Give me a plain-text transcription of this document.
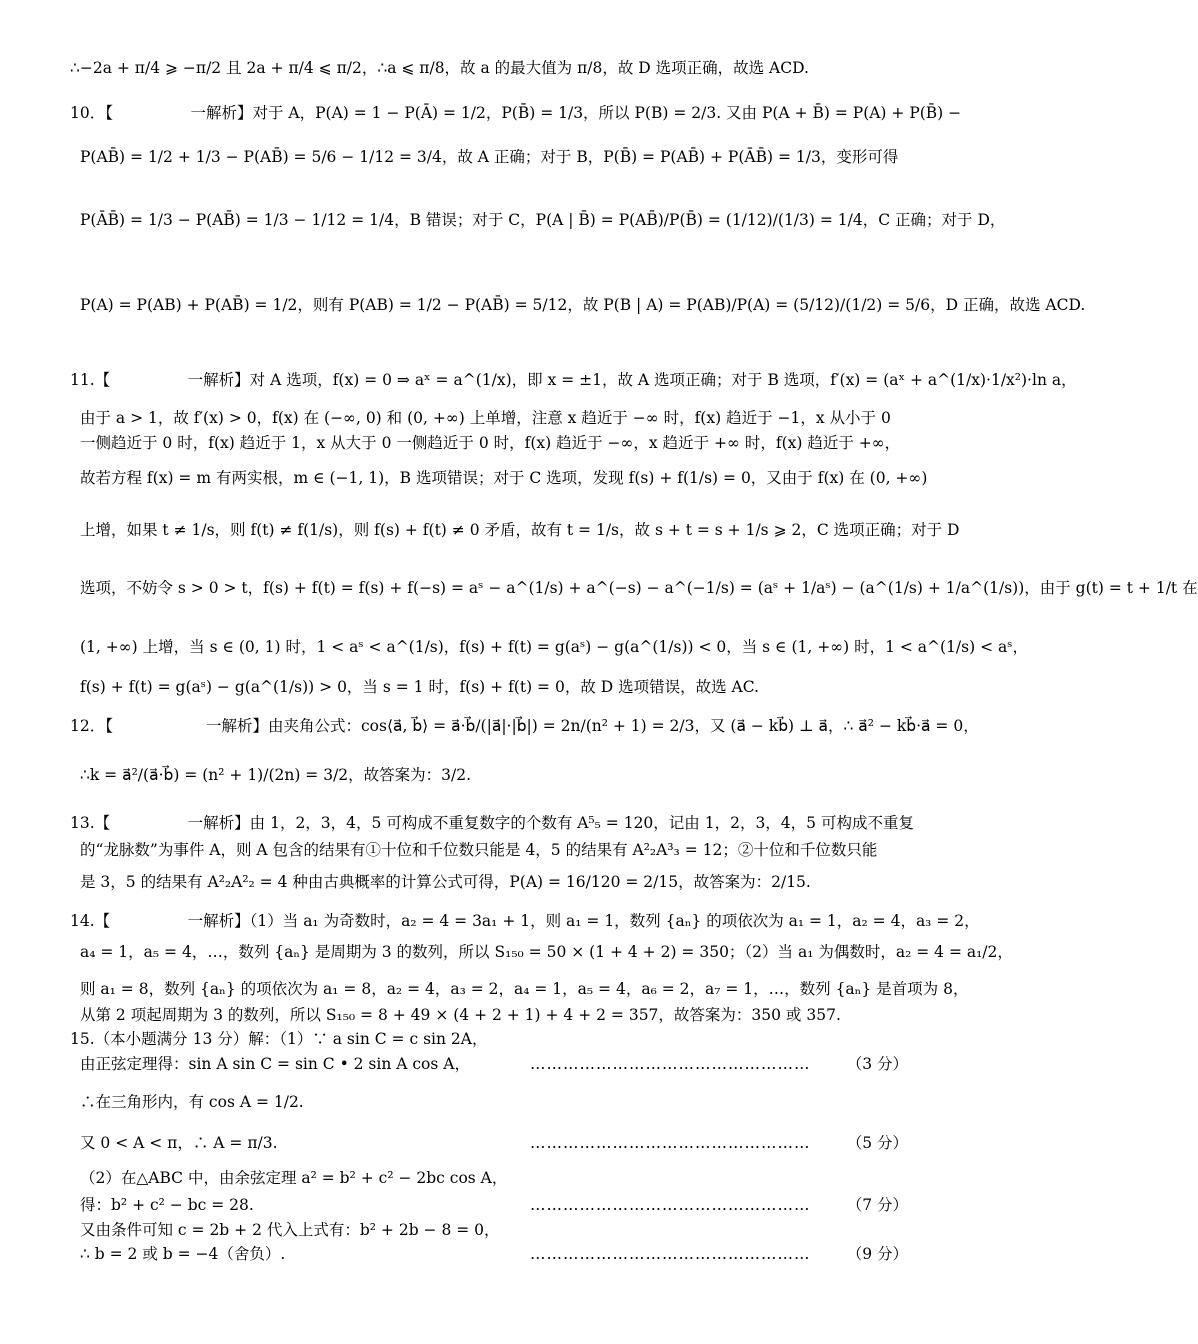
∴−2a + π/4 ⩾ −π/2 且 2a + π/4 ⩽ π/2，∴a ⩽ π/8，故 a 的最大值为 π/8，故 D 选项正确，故选 ACD.
10．【　　　　　一解析】对于 A，P(A) = 1 − P(Ā) = 1/2，P(B̄) = 1/3，所以 P(B) = 2/3. 又由 P(A + B̄) = P(A) + P(B̄) −
P(AB̄) = 1/2 + 1/3 − P(AB̄) = 5/6 − 1/12 = 3/4，故 A 正确；对于 B，P(B̄) = P(AB̄) + P(ĀB̄) = 1/3，变形可得
P(ĀB̄) = 1/3 − P(AB̄) = 1/3 − 1/12 = 1/4，B 错误；对于 C，P(A | B̄) = P(AB̄)/P(B̄) = (1/12)/(1/3) = 1/4，C 正确；对于 D，
P(A) = P(AB) + P(AB̄) = 1/2，则有 P(AB) = 1/2 − P(AB̄) = 5/12，故 P(B | A) = P(AB)/P(A) = (5/12)/(1/2) = 5/6，D 正确，故选 ACD.
11.【　　　　　一解析】对 A 选项，f(x) = 0 ⇒ aˣ = a^(1/x)，即 x = ±1，故 A 选项正确；对于 B 选项，f′(x) = (aˣ + a^(1/x)·1/x²)·ln a，
由于 a > 1，故 f′(x) > 0，f(x) 在 (−∞, 0) 和 (0, +∞) 上单增，注意 x 趋近于 −∞ 时，f(x) 趋近于 −1，x 从小于 0
一侧趋近于 0 时，f(x) 趋近于 1，x 从大于 0 一侧趋近于 0 时，f(x) 趋近于 −∞，x 趋近于 +∞ 时，f(x) 趋近于 +∞，
故若方程 f(x) = m 有两实根，m ∈ (−1, 1)，B 选项错误；对于 C 选项，发现 f(s) + f(1/s) = 0，又由于 f(x) 在 (0, +∞)
上增，如果 t ≠ 1/s，则 f(t) ≠ f(1/s)，则 f(s) + f(t) ≠ 0 矛盾，故有 t = 1/s，故 s + t = s + 1/s ⩾ 2，C 选项正确；对于 D
选项，不妨令 s > 0 > t，f(s) + f(t) = f(s) + f(−s) = aˢ − a^(1/s) + a^(−s) − a^(−1/s) = (aˢ + 1/aˢ) − (a^(1/s) + 1/a^(1/s))，由于 g(t) = t + 1/t 在
(1, +∞) 上增，当 s ∈ (0, 1) 时，1 < aˢ < a^(1/s)，f(s) + f(t) = g(aˢ) − g(a^(1/s)) < 0，当 s ∈ (1, +∞) 时，1 < a^(1/s) < aˢ，
f(s) + f(t) = g(aˢ) − g(a^(1/s)) > 0，当 s = 1 时，f(s) + f(t) = 0，故 D 选项错误，故选 AC.
12．【　　　　　　一解析】由夹角公式：cos⟨a⃗, b⃗⟩ = a⃗·b⃗/(|a⃗|·|b⃗|) = 2n/(n² + 1) = 2/3，又 (a⃗ − kb⃗) ⊥ a⃗，∴ a⃗² − kb⃗·a⃗ = 0，
∴k = a⃗²/(a⃗·b⃗) = (n² + 1)/(2n) = 3/2，故答案为：3/2.
13.【　　　　　一解析】由 1，2，3，4，5 可构成不重复数字的个数有 A⁵₅ = 120，记由 1，2，3，4，5 可构成不重复
的“龙脉数”为事件 A，则 A 包含的结果有①十位和千位数只能是 4，5 的结果有 A²₂A³₃ = 12；②十位和千位数只能
是 3，5 的结果有 A²₂A²₂ = 4 种由古典概率的计算公式可得，P(A) = 16/120 = 2/15，故答案为：2/15.
14.【　　　　　一解析】（1）当 a₁ 为奇数时，a₂ = 4 = 3a₁ + 1，则 a₁ = 1，数列 {aₙ} 的项依次为 a₁ = 1，a₂ = 4，a₃ = 2，
a₄ = 1，a₅ = 4，…，数列 {aₙ} 是周期为 3 的数列，所以 S₁₅₀ = 50 × (1 + 4 + 2) = 350；（2）当 a₁ 为偶数时，a₂ = 4 = a₁/2，
则 a₁ = 8，数列 {aₙ} 的项依次为 a₁ = 8，a₂ = 4，a₃ = 2，a₄ = 1，a₅ = 4，a₆ = 2，a₇ = 1，…，数列 {aₙ} 是首项为 8，
从第 2 项起周期为 3 的数列，所以 S₁₅₀ = 8 + 49 × (4 + 2 + 1) + 4 + 2 = 357，故答案为：350 或 357.
15.（本小题满分 13 分）解：（1）∵ a sin C = c sin 2A，
由正弦定理得：sin A sin C = sin C • 2 sin A cos A，	…………………………………………… （3 分）
∴在三角形内，有 cos A = 1/2.
又 0 < A < π，∴ A = π/3.	…………………………………………… （5 分）
（2）在△ABC 中，由余弦定理 a² = b² + c² − 2bc cos A，
得：b² + c² − bc = 28.	…………………………………………… （7 分）
又由条件可知 c = 2b + 2 代入上式有：b² + 2b − 8 = 0，
∴ b = 2 或 b = −4（舍负）.	…………………………………………… （9 分）
